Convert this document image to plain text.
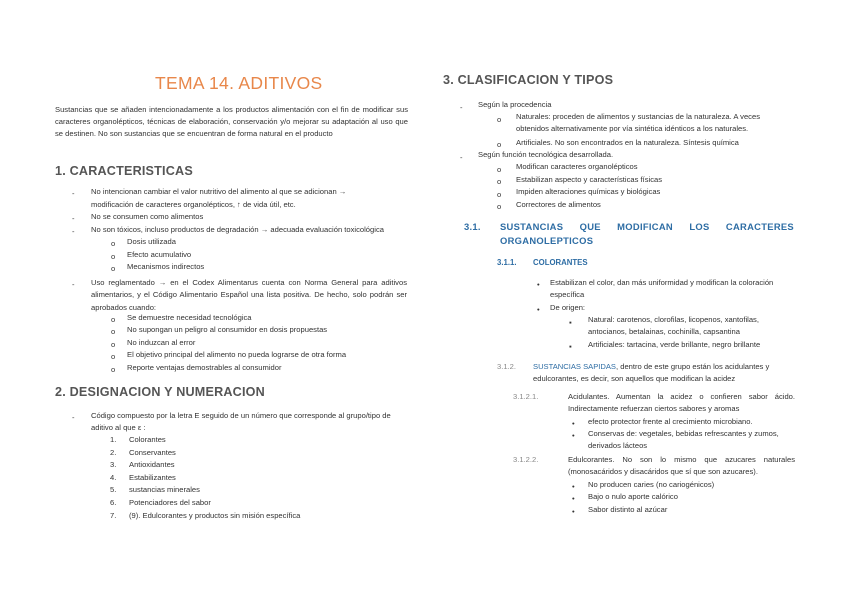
TEMA 14. ADITIVOS
Sustancias que se añaden intencionadamente a los productos alimentación con el fin de modificar sus caracteres organolépticos, técnicas de elaboración, conservación y/o mejorar su adaptación al uso que se destinen. No son sustancias que se encuentran de forma natural en el producto
1. CARACTERISTICAS
- No intencionan cambiar el valor nutritivo del alimento al que se adicionan →
modificación de caracteres organolépticos, ↑ de vida útil, etc.
- No se consumen como alimentos
- No son tóxicos, incluso productos de degradación → adecuada evaluación toxicológica
o Dosis utilizada
o Efecto acumulativo
o Mecanismos indirectos
- Uso reglamentado → en el Codex Alimentarus cuenta con Norma General para aditivos alimentarios, y el Código Alimentario Español una lista positiva. De hecho, solo podrán ser aprobados cuando:
o Se demuestre necesidad tecnológica
o No supongan un peligro al consumidor en dosis propuestas
o No induzcan al error
o El objetivo principal del alimento no pueda lograrse de otra forma
o Reporte ventajas demostrables al consumidor
2. DESIGNACION Y NUMERACION
- Código compuesto por la letra E seguido de un número que corresponde al grupo/tipo de aditivo al que ε :
1. Colorantes
2. Conservantes
3. Antioxidantes
4. Estabilizantes
5. sustancias minerales
6. Potenciadores del sabor
7. (9). Edulcorantes y productos sin misión específica
3. CLASIFICACION Y TIPOS
- Según la procedencia
o Naturales: proceden de alimentos y sustancias de la naturaleza. A veces obtenidos alternativamente por vía sintética idénticos a los naturales.
o Artificiales. No son encontrados en la naturaleza. Síntesis química
- Según función tecnológica desarrollada.
o Modifican caracteres organolépticos
o Estabilizan aspecto y características físicas
o Impiden alteraciones químicas y biológicas
o Correctores de alimentos
3.1. SUSTANCIAS QUE MODIFICAN LOS CARACTERES
ORGANOLEPTICOS
3.1.1. COLORANTES
• Estabilizan el color, dan más uniformidad y modifican la coloración específica
• De origen:
▪ Natural: carotenos, clorofilas, licopenos, xantofilas, antocianos, betalainas, cochinilla, capsantina
▪ Artificiales: tartacina, verde brillante, negro brillante
3.1.2. SUSTANCIAS SAPIDAS, dentro de este grupo están los acidulantes y edulcorantes, es decir, son aquellos que modifican la acidez
3.1.2.1.	Acidulantes. Aumentan la acidez o confieren sabor ácido. Indirectamente refuerzan ciertos sabores y aromas
• efecto protector frente al crecimiento microbiano.
• Conservas de: vegetales, bebidas refrescantes y zumos, derivados lácteos
3.1.2.2.	Edulcorantes. No son lo mismo que azucares naturales (monosacáridos y disacáridos que sí que son azucares).
• No producen caries (no cariogénicos)
• Bajo o nulo aporte calórico
• Sabor distinto al azúcar
